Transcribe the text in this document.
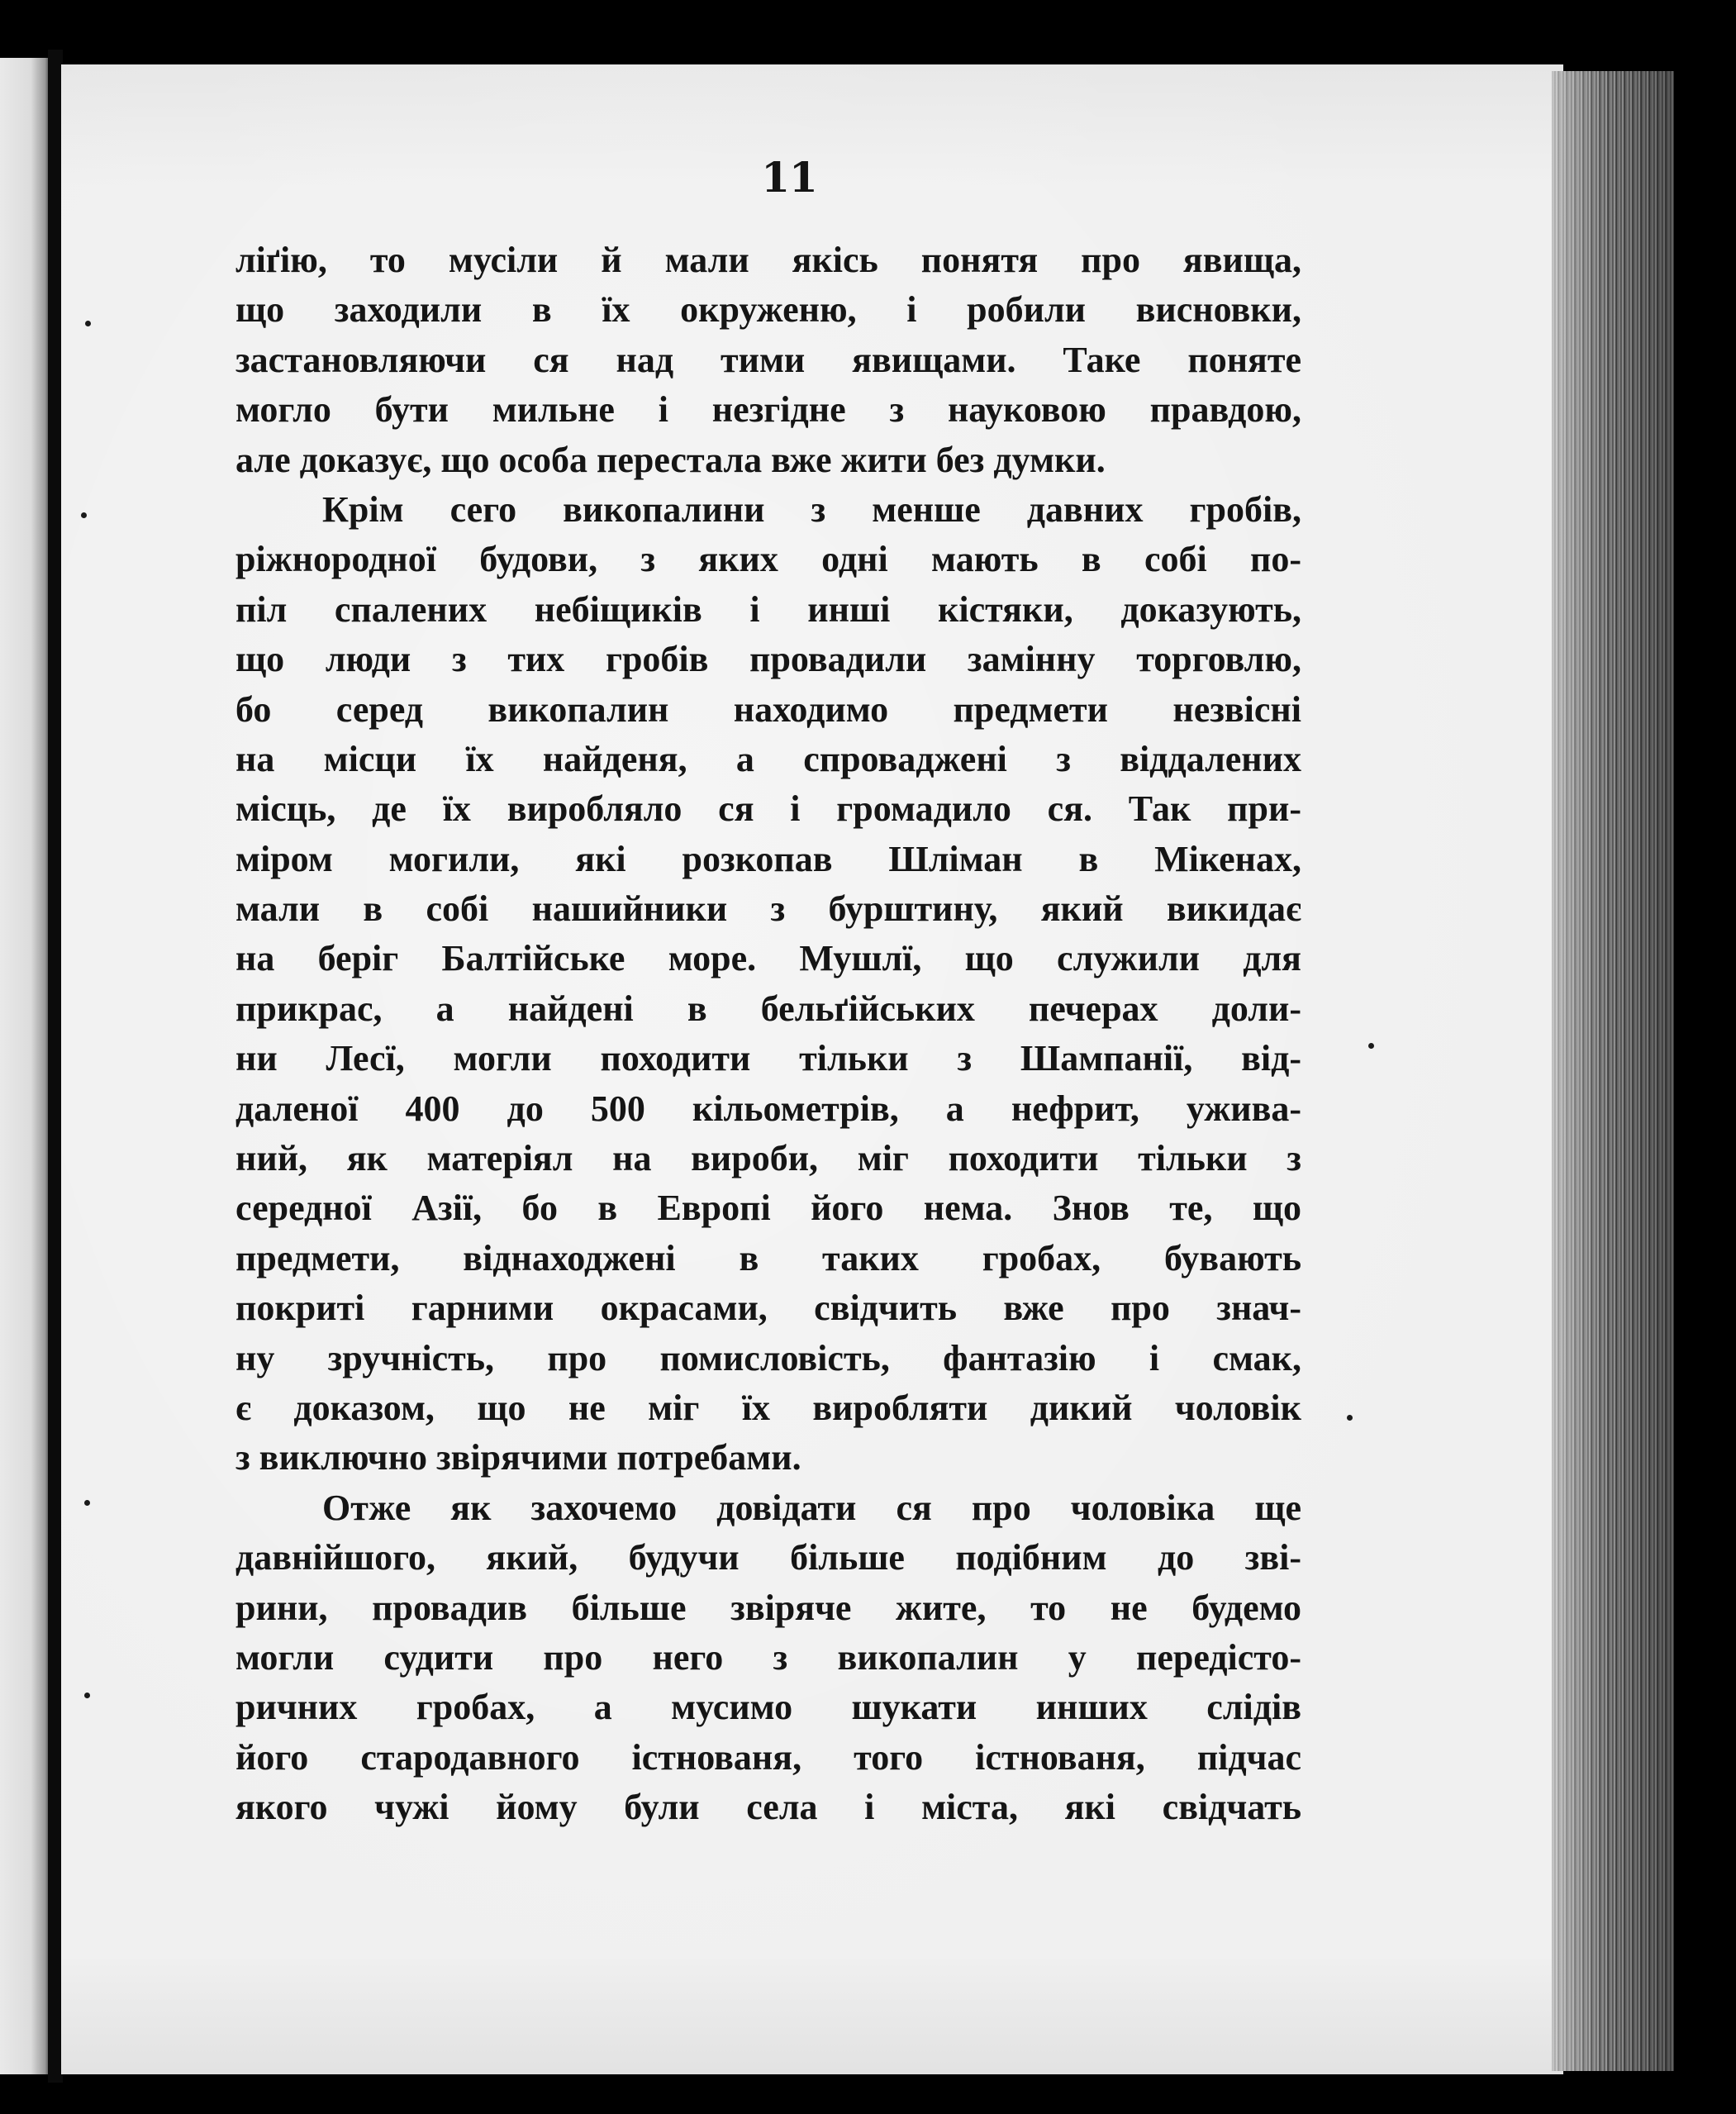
11
лiґiю, то мусiли й мали якiсь понятя про явища,
що заходили в їх окруженю, і робили висновки,
застановляючи ся над тими явищами. Таке поняте
могло бути мильне і незгідне з науковою правдою,
але доказує, що особа перестала вже жити без думки.
Крім сего викопалини з менше давних гробів,
ріжнородної будови, з яких одні мають в собі по-
піл спалених небіщиків і инші кістяки, доказують,
що люди з тих гробів провадили замінну торговлю,
бо серед викопалин находимо предмети незвісні
на місци їх найденя, а спроваджені з віддалених
місць, де їх виробляло ся і громадило ся. Так при-
міром могили, які розкопав Шліман в Мікенах,
мали в собі нашийники з бурштину, який викидає
на беріг Балтійське море. Мушлї, що служили для
прикрас, а найдені в бельґійських печерах доли-
ни Лесї, могли походити тільки з Шампанії, від-
даленої 400 до 500 кільометрів, а нефрит, ужива-
ний, як матеріял на вироби, міг походити тільки з
середної Азії, бо в Европі його нема. Знов те, що
предмети, віднаходжені в таких гробах, бувають
покриті гарними окрасами, свідчить вже про знач-
ну зручність, про помисловість, фантазію і смак,
є доказом, що не міг їх виробляти дикий чоловік
з виключно звірячими потребами.
Отже як захочемо довідати ся про чоловіка ще
давнійшого, який, будучи більше подібним до зві-
рини, провадив більше звіряче жите, то не будемо
могли судити про него з викопалин у передісто-
ричних гробах, а мусимо шукати инших слідів
його стародавного істнованя, того істнованя, підчас
якого чужі йому були села і міста, які свідчать
